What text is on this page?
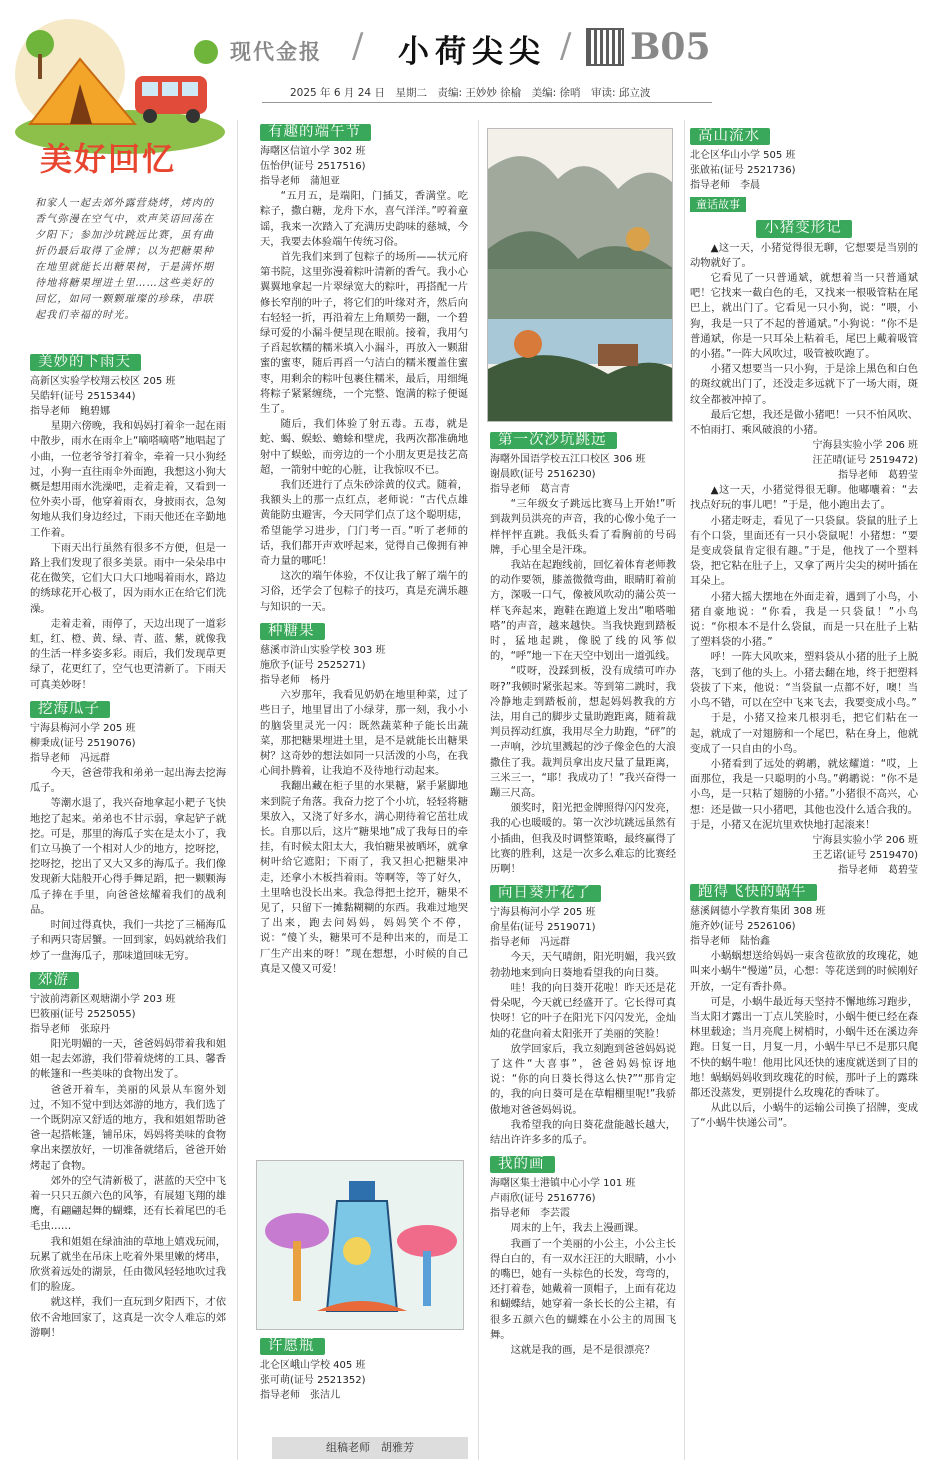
现代金报 / 小荷尖尖 / B05
2025 年 6 月 24 日　星期二　责编: 王妙妙 徐榆　美编: 徐哨　审读: 邱立波
美好回忆
和家人一起去郊外露营烧烤，烤肉的香气弥漫在空气中，欢声笑语回荡在夕阳下；参加沙坑跳远比赛，虽有曲折仍最后取得了金牌；以为把糖果种在地里就能长出糖果树，于是满怀期待地将糖果埋进土里……这些美好的回忆，如同一颗颗璀璨的珍珠，串联起我们幸福的时光。
美妙的下雨天
高新区实验学校翔云校区 205 班
吴皓轩(证号 2515344)
指导老师　鲍碧娜

星期六傍晚，我和妈妈打着伞一起在雨中散步，雨水在雨伞上“嘀嗒嘀嗒”地唱起了小曲，一位老爷爷打着伞，牵着一只小狗经过，小狗一直往雨伞外面跑，我想这小狗大概是想用雨水洗澡吧，走着走着，又看到一位外卖小哥，他穿着雨衣，身披雨衣，急匆匆地从我们身边经过，下雨天他还在辛勤地工作着。

下雨天出行虽然有很多不方便，但是一路上我们发现了很多美景。雨中一朵朵串中花在微笑，它们大口大口地喝着雨水，路边的绣球花开心极了，因为雨水正在给它们洗澡。

走着走着，雨停了，天边出现了一道彩虹，红、橙、黄、绿、青、蓝、紫，就像我的生活一样多姿多彩。雨后，我们发现草更绿了，花更红了，空气也更清新了。下雨天可真美妙呀！

挖海瓜子
宁海县梅河小学 205 班
柳秉成(证号 2519076)
指导老师　冯远群

今天，爸爸带我和弟弟一起出海去挖海瓜子。

等潮水退了，我兴奋地拿起小耙子飞快地挖了起来。弟弟也不甘示弱，拿起铲子就挖。可是，那里的海瓜子实在是太小了，我们立马换了一个相对人少的地方，挖呀挖，挖呀挖，挖出了又大又多的海瓜子。我们像发现新大陆般开心得手舞足蹈，把一颗颗海瓜子捧在手里，向爸爸炫耀着我们的战利品。

时间过得真快，我们一共挖了三桶海瓜子和两只寄居蟹。一回到家，妈妈就给我们炒了一盘海瓜子，那味道回味无穷。

郊游
宁波前湾新区观塘湖小学 203 班
巴筱丽(证号 2525055)
指导老师　张琼丹

阳光明媚的一天，爸爸妈妈带着我和姐姐一起去郊游，我们带着烧烤的工具、馨香的帐篷和一些美味的食物出发了。

爸爸开着车，美丽的风景从车窗外划过，不知不觉中到达郊游的地方，我们选了一个既阴凉又舒适的地方，我和姐姐帮助爸爸一起搭帐篷，铺吊床，妈妈将美味的食物拿出来摆放好，一切准备就绪后，爸爸开始烤起了食物。

郊外的空气清新极了，湛蓝的天空中飞着一只只五颜六色的风筝，有展翅飞翔的雄鹰，有翩翩起舞的蝴蝶，还有长着尾巴的毛毛虫……

我和姐姐在绿油油的草地上嬉戏玩闹，玩累了就坐在吊床上吃着外果里嫩的烤串，欣赏着远处的湖景，任由微风轻轻地吹过我们的脸庞。

就这样，我们一直玩到夕阳西下，才依依不舍地回家了，这真是一次令人难忘的郊游啊！

有趣的端午节
海曙区信谊小学 302 班
伍怡伊(证号 2517516)
指导老师　蒲旭亚

“五月五，是端阳，门插艾，香满堂。吃粽子，撒白糖，龙舟下水，喜气洋洋。”哼着童谣，我来一次踏入了充满历史韵味的慈城，今天，我要去体验端午传统习俗。

首先我们来到了包粽子的场所——状元府第书院，这里弥漫着粽叶清新的香气。我小心翼翼地拿起一片翠绿宽大的粽叶，再搭配一片修长窄削的叶子，将它们的叶缘对齐，然后向右轻轻一折，再沿着左上角顺势一翻，一个碧绿可爱的小漏斗便呈现在眼前。接着，我用勺子舀起软糯的糯米填入小漏斗，再放入一颗甜蜜的蜜枣，随后再舀一勺洁白的糯米覆盖住蜜枣，用剩余的粽叶包裹住糯米，最后，用细绳将粽子紧紧缠绕，一个完整、饱满的粽子便诞生了。

随后，我们体验了射五毒。五毒，就是蛇、蝎、蜈蚣、蟾蜍和壁虎，我两次都准确地射中了蜈蚣，而旁边的一个小朋友更是技艺高超，一箭射中蛇的心脏，让我惊叹不已。

我们还进行了点朱砂涂黄的仪式。随着，我额头上的那一点红点，老师说：“古代点雄黄能防虫避害，今天同学们点了这个聪明痣，希望能学习进步，门门考一百。”听了老师的话，我们都开声欢呼起来，觉得自己像拥有神奇力量的哪吒！

这次的端午体验，不仅让我了解了端午的习俗，还学会了包粽子的技巧，真是充满乐趣与知识的一天。

种糖果
慈溪市浒山实验学校 303 班
施欣予(证号 2525271)
指导老师　杨丹

六岁那年，我看见奶奶在地里种菜，过了些日子，地里冒出了小绿芽，那一刻，我小小的脑袋里灵光一闪：既然蔬菜种子能长出蔬菜，那把糖果埋进土里，是不是就能长出糖果树？这奇妙的想法如同一只活泼的小鸟，在我心间扑腾着，让我迫不及待地行动起来。

我翻出藏在柜子里的水果糖，紧手紧脚地来到院子角落。我奋力挖了个小坑，轻轻将糖果放入，又浇了好多水，满心期待着它茁壮成长。自那以后，这片“糖果地”成了我每日的牵挂，有时候太阳太大，我怕糖果被晒坏，就拿树叶给它遮阳；下雨了，我又担心把糖果冲走，还拿小木板挡着雨。等啊等，等了好久，土里啥也没长出来。我急得把土挖开，糖果不见了，只留下一摊黏糊糊的东西。我难过地哭了出来，跑去问妈妈，妈妈笑个不停，说：“傻丫头，糖果可不是种出来的，而是工厂生产出来的呀！”现在想想，小时候的自己真是又傻又可爱！

许愿瓶
北仑区峨山学校 405 班
张可萌(证号 2521352)
指导老师　张洁儿
第一次沙坑跳远
海曙外国语学校五江口校区 306 班
谢晨欧(证号 2516230)
指导老师　葛言青

“三年级女子跳远比赛马上开始!”听到裁判员洪亮的声音，我的心像小兔子一样怦怦直跳。我低头看了看胸前的号码牌，手心里全是汗珠。

我站在起跑线前，回忆着体育老师教的动作要领，膝盖微微弯曲，眼睛盯着前方，深吸一口气，像被风吹动的蒲公英一样飞奔起来，跑鞋在跑道上发出“啪嗒啪嗒”的声音，越来越快。当我快跑到踏板时，猛地起跳，像脱了线的风筝似的，“呼”地一下在天空中划出一道弧线。

“哎呀，没踩到板，没有成绩可咋办呀?”我顿时紧张起来。等到第二跳时，我冷静地走到踏板前，想起妈妈教我的方法，用自己的脚步丈量助跑距离，随着裁判员挥动红旗，我用尽全力助跑，“砰”的一声响，沙坑里溅起的沙子像金色的大浪撒住了我。裁判员拿出皮尺量了量距离，三米三一，“耶！我成功了！”我兴奋得一蹦三尺高。

颁奖时，阳光把金牌照得闪闪发亮，我的心也暖暖的。第一次沙坑跳远虽然有小插曲，但我及时调整策略，最终赢得了比赛的胜利，这是一次多么难忘的比赛经历啊！

向日葵开花了
宁海县梅河小学 205 班
俞星佑(证号 2519071)
指导老师　冯远群

今天，天气晴朗，阳光明媚，我兴致勃勃地来到向日葵地看望我的向日葵。

哇！我的向日葵开花啦！昨天还是花骨朵呢，今天就已经盛开了。它长得可真快呀！它的叶子在阳光下闪闪发光，金灿灿的花盘向着太阳张开了美丽的笑脸！

放学回家后，我立刻跑到爸爸妈妈说了这件“大喜事”，爸爸妈妈惊讶地说：“你的向日葵长得这么快?”“那肯定的，我的向日葵可是在草帽棚里呢!”我骄傲地对爸爸妈妈说。

我希望我的向日葵花盘能越长越大，结出许许多多的瓜子。

我的画
海曙区集士港镇中心小学 101 班
卢雨欣(证号 2516776)
指导老师　李芸霞

周末的上午，我去上漫画课。

我画了一个美丽的小公主，小公主长得白白的，有一双水汪汪的大眼睛，小小的嘴巴，她有一头棕色的长发，弯弯的，还打着卷，她戴着一顶帽子，上面有花边和蝴蝶结，她穿着一条长长的公主裙，有很多五颜六色的蝴蝶在小公主的周围飞舞。

这就是我的画，是不是很漂亮？

高山流水
北仑区华山小学 505 班
张啟祐(证号 2521736)
指导老师　李晨
童话故事
小猪变形记

▲这一天，小猪觉得很无聊，它想要是当别的动物就好了。

它看见了一只普通斌，就想着当一只普通斌吧！它找来一截白色的毛，又找来一根吸管粘在尾巴上，就出门了。它看见一只小狗，说：“喂，小狗，我是一只了不起的普通斌。”小狗说：“你不是普通斌，你是一只耳朵上粘着毛，尾巴上戴着吸管的小猪。”一阵大风吹过，吸管被吹跑了。

小猪又想要当一只小狗，于是涂上黑色和白色的斑纹就出门了，还没走多远就下了一场大雨，斑纹全都被冲掉了。

最后它想，我还是做小猪吧！一只不怕风吹、不怕雨打、乘风破浪的小猪。

宁海县实验小学 206 班
汪芷晴(证号 2519472)
指导老师　葛碧莹

▲这一天，小猪觉得很无聊。他嘟囔着：“去找点好玩的事儿吧！”于是，他小跑出去了。

小猪走呀走，看见了一只袋鼠。袋鼠的肚子上有个口袋，里面还有一只小袋鼠呢！小猪想：“要是变成袋鼠肯定很有趣。”于是，他找了一个塑料袋，把它粘在肚子上，又拿了两片尖尖的树叶插在耳朵上。

小猪大摇大摆地在外面走着，遇到了小鸟，小猪自豪地说：“你看，我是一只袋鼠！”小鸟说：“你根本不是什么袋鼠，而是一只在肚子上粘了塑料袋的小猪。”

呼！一阵大风吹来，塑料袋从小猪的肚子上脱落，飞到了他的头上。小猪去翻在地，终于把塑料袋拔了下来，他说：“当袋鼠一点都不好，噢！当小鸟不错，可以在空中飞来飞去，我要变成小鸟。”

于是，小猪又捡来几根羽毛，把它们粘在一起，就成了一对翅膀和一个尾巴，粘在身上，他就变成了一只自由的小鸟。

小猪看到了远处的鹈鹕，就炫耀道：“哎，上面那位，我是一只聪明的小鸟。”鹈鹕说：“你不是小鸟，是一只粘了翅膀的小猪。”小猪很不高兴，心想：还是做一只小猪吧，其他也没什么适合我的。于是，小猪又在泥坑里欢快地打起滚来！

宁海县实验小学 206 班
王艺诺(证号 2519470)
指导老师　葛碧莹
跑得飞快的蜗牛
慈溪阔德小学教育集团 308 班
施齐妙(证号 2526106)
指导老师　陆怡鑫

小蜗蜗想送给妈妈一束含苞欲放的玫瑰花，她叫来小蜗牛“慢递”员，心想：等花送到的时候刚好开放，一定有香扑鼻。

可是，小蜗牛最近每天坚持不懈地练习跑步，当太阳才露出一丁点儿笑脸时，小蜗牛便已经在森林里载途；当月亮爬上树梢时，小蜗牛还在溪边奔跑。日复一日，月复一月，小蜗牛早已不是那只爬不快的蜗牛啦！他用比风还快的速度就送到了目的地！蜗蜗妈妈收到玫瑰花的时候，那叶子上的露珠都还没蒸发，更别提什么玫瑰花的香味了。

从此以后，小蜗牛的运输公司换了招牌，变成了“小蜗牛快递公司”。

组稿老师　胡雅芳
